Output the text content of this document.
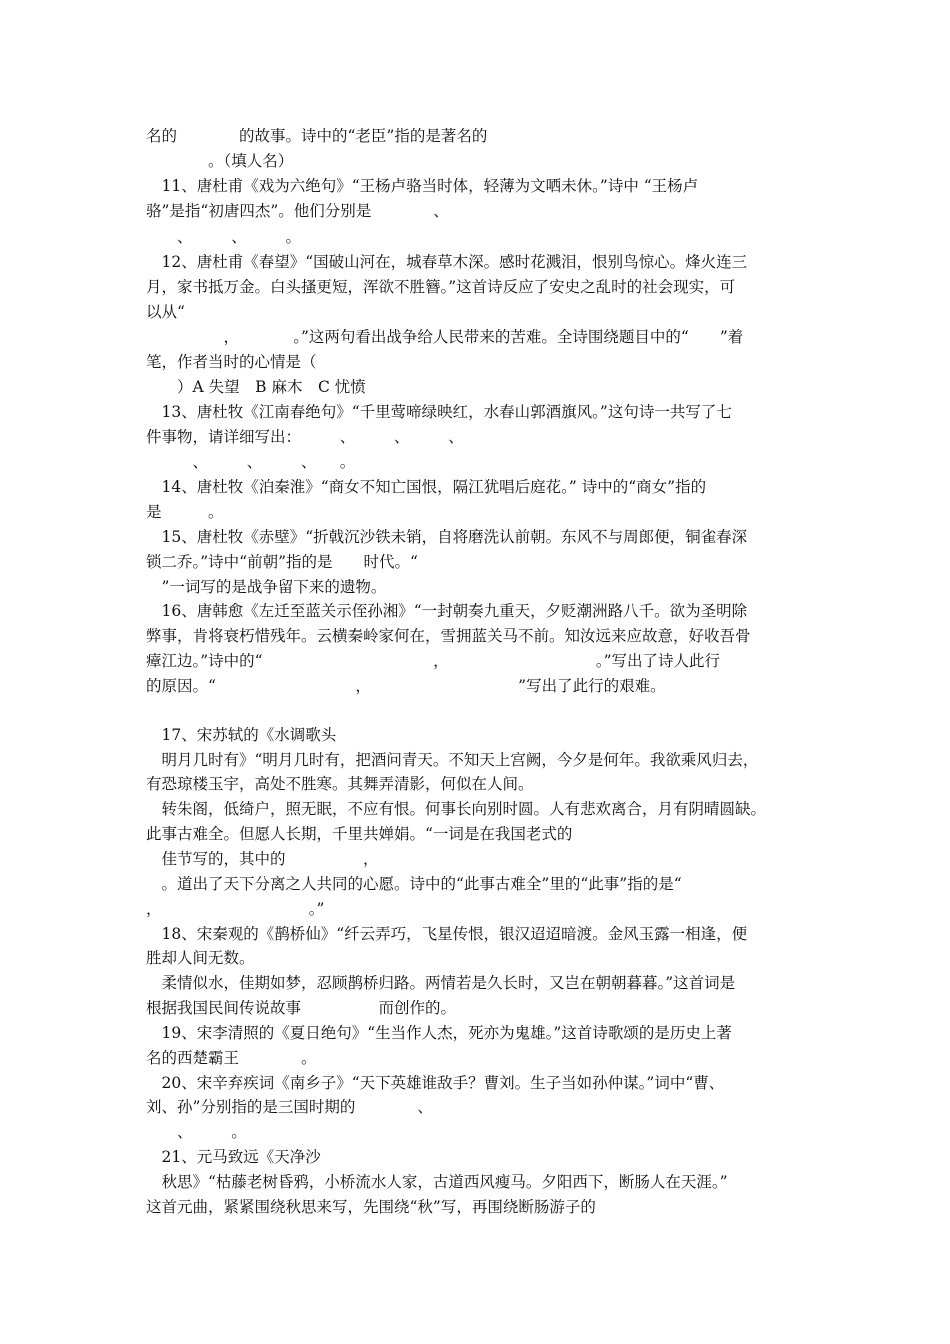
名的　　　　的故事。诗中的“老臣”指的是著名的
　　　　。（填人名）
　11、唐杜甫《戏为六绝句》“王杨卢骆当时体，轻薄为文哂未休。”诗中 “王杨卢
骆”是指“初唐四杰”。他们分别是　　　　、
　　、　　　、　　　。
　12、唐杜甫《春望》“国破山河在，城春草木深。感时花溅泪，恨别鸟惊心。烽火连三
月，家书抵万金。白头搔更短，浑欲不胜簪。”这首诗反应了安史之乱时的社会现实，可
以从“
　　　　　，　　　　。”这两句看出战争给人民带来的苦难。全诗围绕题目中的“　　”着
笔，作者当时的心情是（
　　）A 失望　B 麻木　C 忧愤
　13、唐杜牧《江南春绝句》“千里莺啼绿映红，水春山郭酒旗风。”这句诗一共写了七
件事物，请详细写出：　　　、　　　、　　　、
　　　、　　　、　　　、　　。
　14、唐杜牧《泊秦淮》“商女不知亡国恨，隔江犹唱后庭花。” 诗中的“商女”指的
是　　　。
　15、唐杜牧《赤壁》“折戟沉沙铁未销，自将磨洗认前朝。东风不与周郎便，铜雀春深
锁二乔。”诗中“前朝”指的是　　时代。“
　”一词写的是战争留下来的遗物。
　16、唐韩愈《左迁至蓝关示侄孙湘》“一封朝奏九重天，夕贬潮洲路八千。欲为圣明除
弊事，肯将衰朽惜残年。云横秦岭家何在，雪拥蓝关马不前。知汝远来应故意，好收吾骨
瘴江边。”诗中的“　　　　　　　　　　　，　　　　　　　　　　。”写出了诗人此行
的原因。“　　　　　　　　　，　　　　　　　　　　”写出了此行的艰难。
　17、宋苏轼的《水调歌头
　明月几时有》“明月几时有，把酒问青天。不知天上宫阙，今夕是何年。我欲乘风归去，
有恐琼楼玉宇，高处不胜寒。其舞弄清影，何似在人间。
　转朱阁，低绮户，照无眠，不应有恨。何事长向别时圆。人有悲欢离合，月有阴晴圆缺。
此事古难全。但愿人长期，千里共婵娟。“一词是在我国老式的
　佳节写的，其中的　　　　　，
　。道出了天下分离之人共同的心愿。诗中的“此事古难全”里的“此事”指的是“
，　　　　　　　　　　。”
　18、宋秦观的《鹊桥仙》“纤云弄巧，飞星传恨，银汉迢迢暗渡。金风玉露一相逢，便
胜却人间无数。
　柔情似水，佳期如梦，忍顾鹊桥归路。两情若是久长时，又岂在朝朝暮暮。”这首词是
根据我国民间传说故事　　　　　而创作的。
　19、宋李清照的《夏日绝句》“生当作人杰，死亦为鬼雄。”这首诗歌颂的是历史上著
名的西楚霸王　　　　。
　20、宋辛弃疾词《南乡子》“天下英雄谁敌手？曹刘。生子当如孙仲谋。”词中“曹、
刘、孙”分别指的是三国时期的　　　　、
　　、　　　。
　21、元马致远《天净沙
　秋思》“枯藤老树昏鸦，小桥流水人家，古道西风瘦马。夕阳西下，断肠人在天涯。”
这首元曲，紧紧围绕秋思来写，先围绕“秋”写，再围绕断肠游子的
